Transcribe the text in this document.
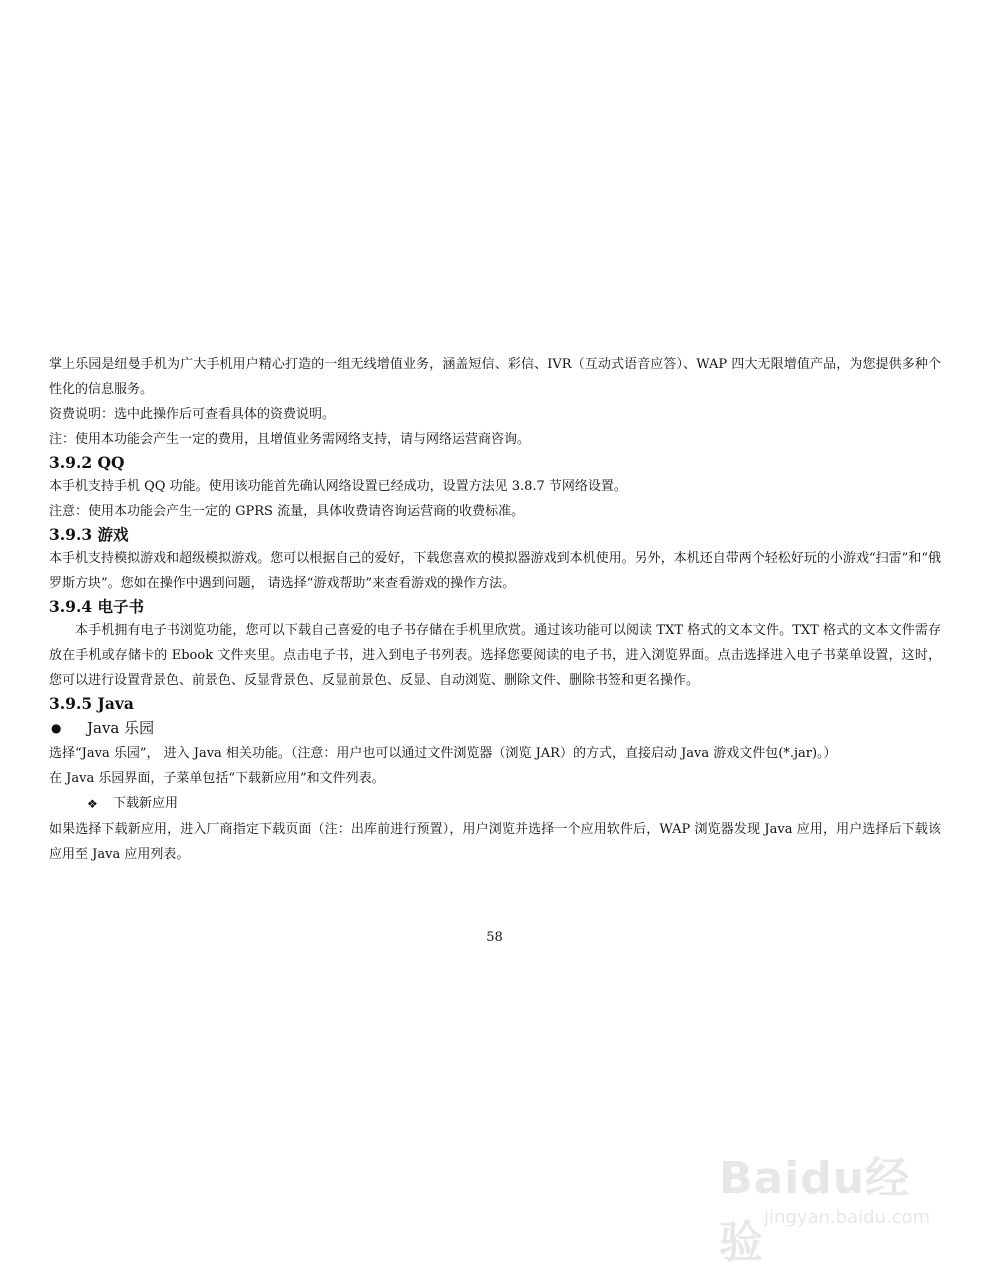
掌上乐园是纽曼手机为广大手机用户精心打造的一组无线增值业务，涵盖短信、彩信、IVR（互动式语音应答）、WAP 四大无限增值产品，为您提供多种个性化的信息服务。

资费说明：选中此操作后可查看具体的资费说明。

注：使用本功能会产生一定的费用，且增值业务需网络支持，请与网络运营商咨询。

3.9.2 QQ

本手机支持手机 QQ 功能。使用该功能首先确认网络设置已经成功，设置方法见 3.8.7 节网络设置。

注意：使用本功能会产生一定的 GPRS 流量，具体收费请咨询运营商的收费标准。

3.9.3 游戏

本手机支持模拟游戏和超级模拟游戏。您可以根据自己的爱好，下载您喜欢的模拟器游戏到本机使用。另外，本机还自带两个轻松好玩的小游戏“扫雷”和“俄罗斯方块”。您如在操作中遇到问题， 请选择“游戏帮助”来查看游戏的操作方法。

3.9.4 电子书

本手机拥有电子书浏览功能，您可以下载自己喜爱的电子书存储在手机里欣赏。通过该功能可以阅读 TXT 格式的文本文件。TXT 格式的文本文件需存放在手机或存储卡的 Ebook 文件夹里。点击电子书，进入到电子书列表。选择您要阅读的电子书，进入浏览界面。点击选择进入电子书菜单设置，这时，您可以进行设置背景色、前景色、反显背景色、反显前景色、反显、自动浏览、删除文件、删除书签和更名操作。

3.9.5 Java

●	Java 乐园

选择“Java 乐园”， 进入 Java 相关功能。（注意：用户也可以通过文件浏览器（浏览 JAR）的方式，直接启动 Java 游戏文件包(*.jar)。）

在 Java 乐园界面，子菜单包括“下载新应用”和文件列表。

❖	下载新应用

如果选择下载新应用，进入厂商指定下载页面（注：出库前进行预置），用户浏览并选择一个应用软件后，WAP 浏览器发现 Java 应用，用户选择后下载该应用至 Java 应用列表。

58
Baidu经验 jingyan.baidu.com
